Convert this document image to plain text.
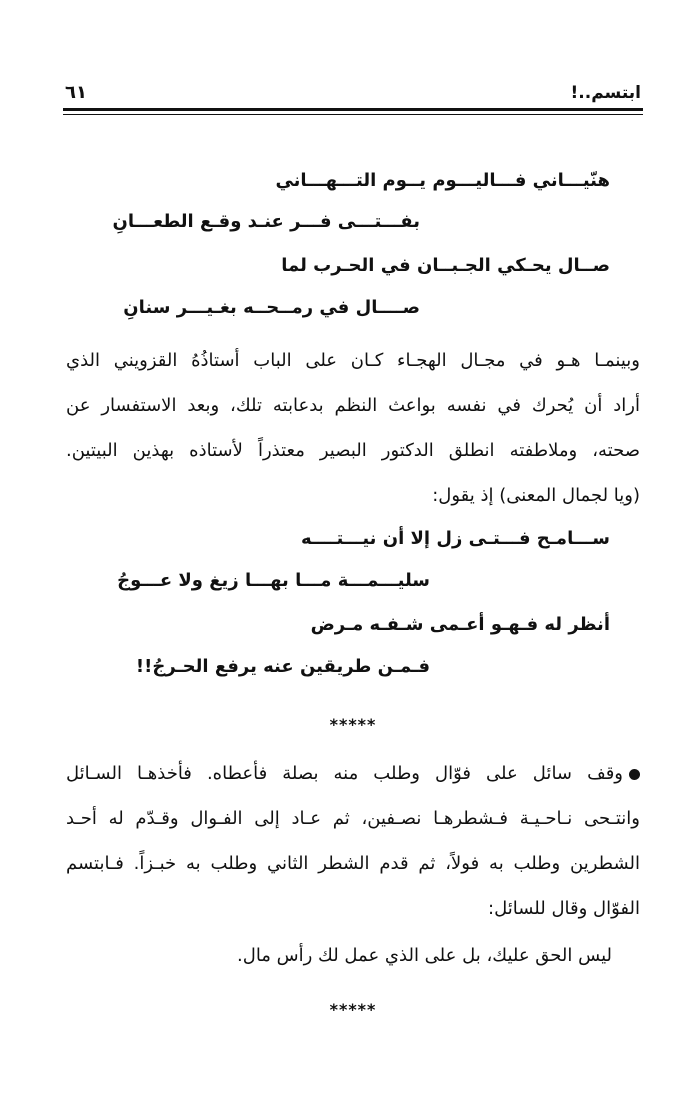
ابتسم..!
٦١
هنّيـــاني فـــاليـــوم يــوم التـــهـــاني
بفـــتـــى فـــر عنـد وقـع الطعـــانِ
صــال يحـكي الجـبــان في الحـرب لما
صــــال في رمــحــه بغـيـــر سنانِ
وبينمـا هـو في مجـال الهجـاء كـان على الباب أستاذُهُ القزويني الذي
أراد أن يُحرك في نفسه بواعث النظم بدعابته تلك، وبعد الاستفسار عن
صحته، وملاطفته انطلق الدكتور البصير معتذراً لأستاذه بهذين البيتين.
(ويا لجمال المعنى) إذ يقول:
ســـامـح فـــتـى زل إلا أن نيـــتــــه
سليـــمـــة مـــا بهـــا زيغ ولا عـــوجُ
أنظر له فـهـو أعـمى شـفـه مـرض
فـمـن طريقين عنه يرفع الحـرجُ!!
*****
وقف سائل على فوّال وطلب منه بصلة فأعطاه. فأخذهـا السـائل
وانتـحى نـاحـيـة فـشطرهـا نصـفين، ثم عـاد إلى الفـوال وقـدّم له أحـد
الشطرين وطلب به فولاً، ثم قدم الشطر الثاني وطلب به خبـزاً. فـابتسم
الفوّال وقال للسائل:
ليس الحق عليك، بل على الذي عمل لك رأس مال.
*****
